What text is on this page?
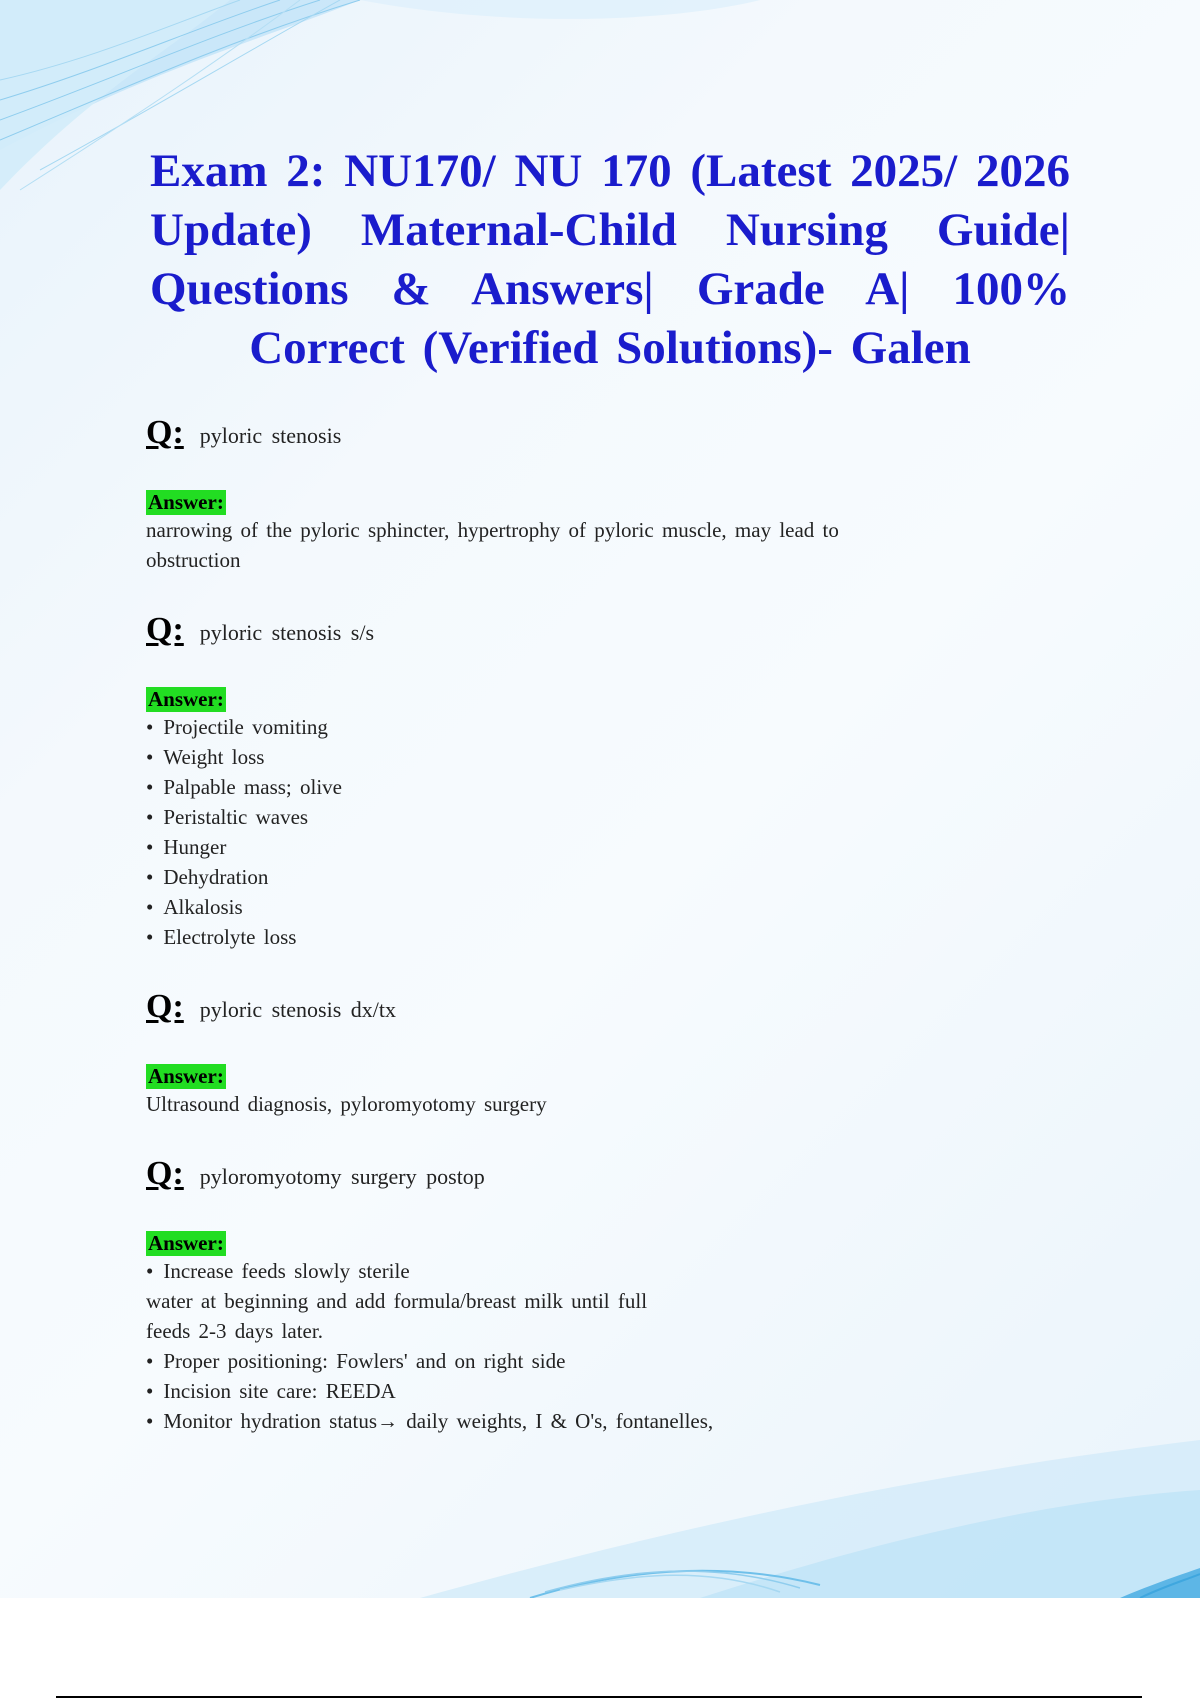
Exam 2: NU170/ NU 170 (Latest 2025/ 2026 Update) Maternal-Child Nursing Guide| Questions & Answers| Grade A| 100% Correct (Verified Solutions)- Galen
Q: pyloric stenosis
Answer:
narrowing of the pyloric sphincter, hypertrophy of pyloric muscle, may lead to
obstruction
Q: pyloric stenosis s/s
Answer:
• Projectile vomiting
• Weight loss
• Palpable mass; olive
• Peristaltic waves
• Hunger
• Dehydration
• Alkalosis
• Electrolyte loss
Q: pyloric stenosis dx/tx
Answer:
Ultrasound diagnosis, pyloromyotomy surgery
Q: pyloromyotomy surgery postop
Answer:
• Increase feeds slowly sterile
water at beginning and add formula/breast milk until full
feeds 2-3 days later.
• Proper positioning: Fowlers' and on right side
• Incision site care: REEDA
• Monitor hydration status→ daily weights, I & O's, fontanelles,
